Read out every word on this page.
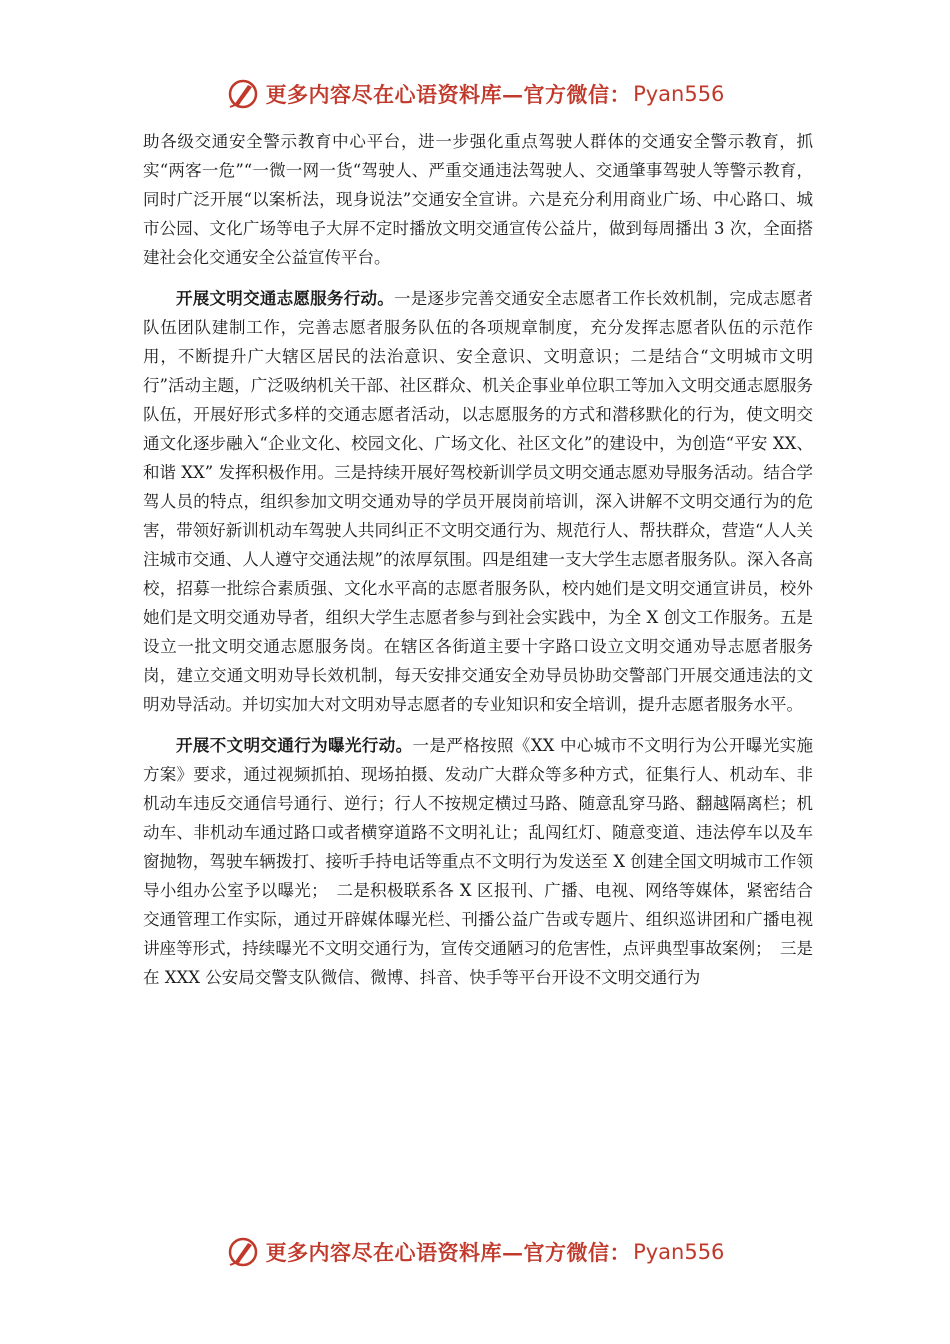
更多内容尽在心语资料库—官方微信： Pyan556

助各级交通安全警示教育中心平台，进一步强化重点驾驶人群体的交通安全警示教育，抓实“两客一危”“一微一网一货“驾驶人、严重交通违法驾驶人、交通肇事驾驶人等警示教育，同时广泛开展“以案析法，现身说法”交通安全宣讲。六是充分利用商业广场、中心路口、城市公园、文化广场等电子大屏不定时播放文明交通宣传公益片，做到每周播出 3 次，全面搭建社会化交通安全公益宣传平台。

开展文明交通志愿服务行动。一是逐步完善交通安全志愿者工作长效机制，完成志愿者队伍团队建制工作，完善志愿者服务队伍的各项规章制度，充分发挥志愿者队伍的示范作用，不断提升广大辖区居民的法治意识、安全意识、文明意识；二是结合“文明城市文明行”活动主题，广泛吸纳机关干部、社区群众、机关企事业单位职工等加入文明交通志愿服务队伍，开展好形式多样的交通志愿者活动，以志愿服务的方式和潜移默化的行为，使文明交通文化逐步融入“企业文化、校园文化、广场文化、社区文化”的建设中，为创造“平安 XX、和谐 XX” 发挥积极作用。三是持续开展好驾校新训学员文明交通志愿劝导服务活动。结合学驾人员的特点，组织参加文明交通劝导的学员开展岗前培训，深入讲解不文明交通行为的危害，带领好新训机动车驾驶人共同纠正不文明交通行为、规范行人、帮扶群众，营造“人人关注城市交通、人人遵守交通法规”的浓厚氛围。四是组建一支大学生志愿者服务队。深入各高校，招募一批综合素质强、文化水平高的志愿者服务队，校内她们是文明交通宣讲员，校外她们是文明交通劝导者，组织大学生志愿者参与到社会实践中，为全 X 创文工作服务。五是设立一批文明交通志愿服务岗。在辖区各街道主要十字路口设立文明交通劝导志愿者服务岗，建立交通文明劝导长效机制，每天安排交通安全劝导员协助交警部门开展交通违法的文明劝导活动。并切实加大对文明劝导志愿者的专业知识和安全培训，提升志愿者服务水平。

开展不文明交通行为曝光行动。一是严格按照《XX 中心城市不文明行为公开曝光实施方案》要求，通过视频抓拍、现场拍摄、发动广大群众等多种方式，征集行人、机动车、非机动车违反交通信号通行、逆行；行人不按规定横过马路、随意乱穿马路、翻越隔离栏；机动车、非机动车通过路口或者横穿道路不文明礼让；乱闯红灯、随意变道、违法停车以及车窗抛物，驾驶车辆拨打、接听手持电话等重点不文明行为发送至 X 创建全国文明城市工作领导小组办公室予以曝光；　二是积极联系各 X 区报刊、广播、电视、网络等媒体，紧密结合交通管理工作实际，通过开辟媒体曝光栏、刊播公益广告或专题片、组织巡讲团和广播电视讲座等形式，持续曝光不文明交通行为，宣传交通陋习的危害性，点评典型事故案例；　三是在 XXX 公安局交警支队微信、微博、抖音、快手等平台开设不文明交通行为

更多内容尽在心语资料库—官方微信： Pyan556
